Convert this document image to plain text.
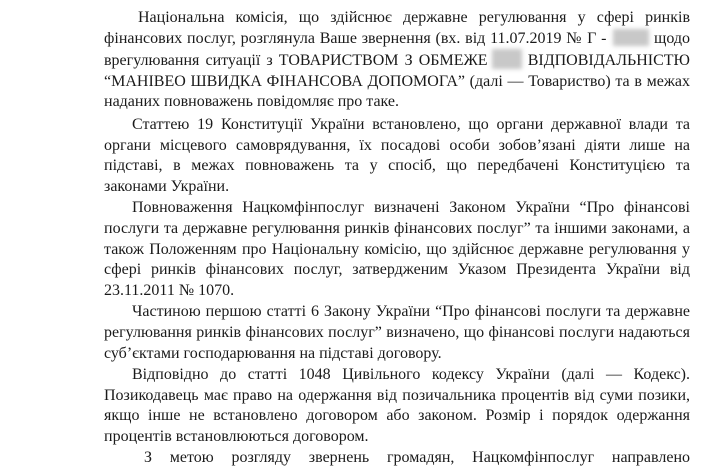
Національна комісія, що здійснює державне регулювання у сфері ринків фінансових послуг, розглянула Ваше звернення (вх. від 11.07.2019 № Г -  щодо врегулювання ситуації з ТОВАРИСТВОМ З ОБМЕЖЕ ВІДПОВІДАЛЬНІСТЮ “МАНІВЕО ШВИДКА ФІНАНСОВА ДОПОМОГА” (далі — Товариство) та в межах наданих повноважень повідомляє про таке.

Статтею 19 Конституції України встановлено, що органи державної влади та органи місцевого самоврядування, їх посадові особи зобов’язані діяти лише на підставі, в межах повноважень та у спосіб, що передбачені Конституцією та законами України.

Повноваження Нацкомфінпослуг визначені Законом України “Про фінансові послуги та державне регулювання ринків фінансових послуг” та іншими законами, а також Положенням про Національну комісію, що здійснює державне регулювання у сфері ринків фінансових послуг, затвердженим Указом Президента України від 23.11.2011 № 1070.

Частиною першою статті 6 Закону України “Про фінансові послуги та державне регулювання ринків фінансових послуг” визначено, що фінансові послуги надаються суб’єктами господарювання на підставі договору.

Відповідно до статті 1048 Цивільного кодексу України (далі — Кодекс). Позикодавець має право на одержання від позичальника процентів від суми позики, якщо інше не встановлено договором або законом. Розмір і порядок одержання процентів встановлюються договором.

З метою розгляду звернень громадян, Нацкомфінпослуг направлено
